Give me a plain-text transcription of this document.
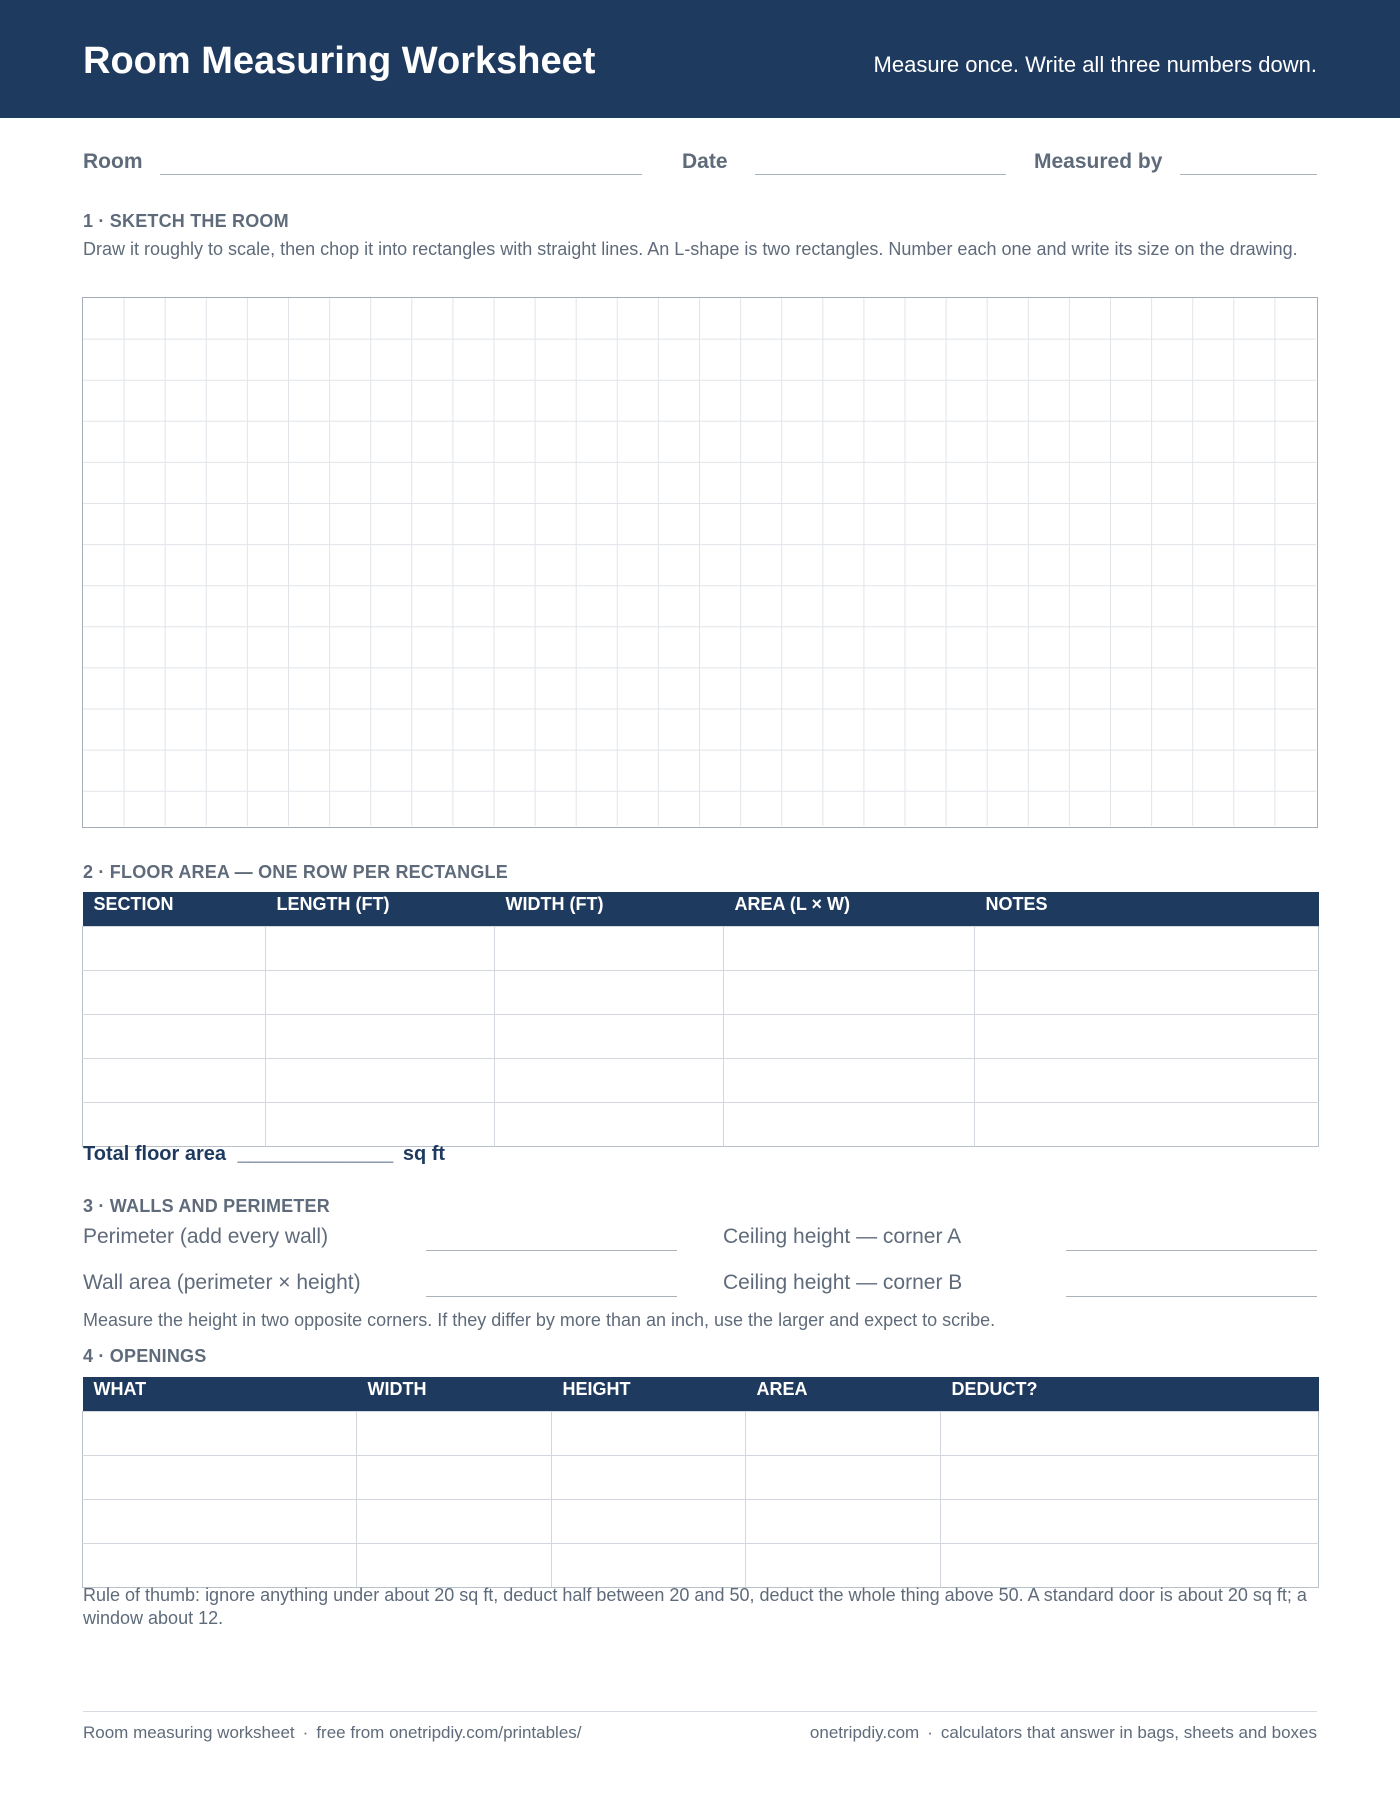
Room Measuring Worksheet	Measure once. Write all three numbers down.
Room	Date	Measured by
1 · SKETCH THE ROOM
Draw it roughly to scale, then chop it into rectangles with straight lines. An L-shape is two rectangles. Number each one and write its size on the drawing.
2 · FLOOR AREA — ONE ROW PER RECTANGLE
SECTION	LENGTH (FT)	WIDTH (FT)	AREA (L × W)	NOTES

Total floor area ______________ sq ft
3 · WALLS AND PERIMETER
Perimeter (add every wall)	Ceiling height — corner A
Wall area (perimeter × height)	Ceiling height — corner B
Measure the height in two opposite corners. If they differ by more than an inch, use the larger and expect to scribe.
4 · OPENINGS
WHAT	WIDTH	HEIGHT	AREA	DEDUCT?

Rule of thumb: ignore anything under about 20 sq ft, deduct half between 20 and 50, deduct the whole thing above 50. A standard door is about 20 sq ft; a window about 12.
Room measuring worksheet · free from onetripdiy.com/printables/	onetripdiy.com · calculators that answer in bags, sheets and boxes
